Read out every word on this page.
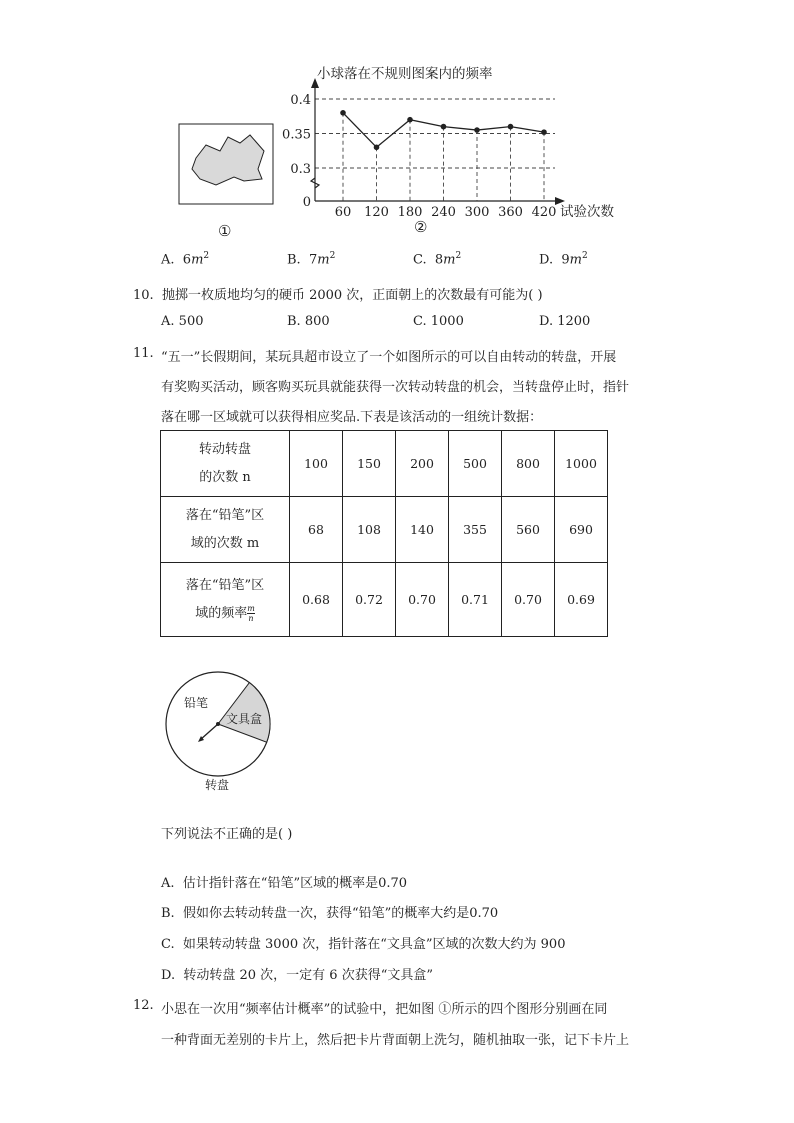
①
小球落在不规则图案内的频率
0
0.3
0.35
0.4
60 120 180 240 300 360 420 试验次数
②
A. $6m^2$	B. $7m^2$	C. $8m^2$	D. $9m^2$
10. 抛掷一枚质地均匀的硬币 2000 次，正面朝上的次数最有可能为( )
A. 500	B. 800	C. 1000	D. 1200
11. “五一”长假期间，某玩具超市设立了一个如图所示的可以自由转动的转盘，开展
有奖购买活动，顾客购买玩具就能获得一次转动转盘的机会，当转盘停止时，指针
落在哪一区域就可以获得相应奖品.下表是该活动的一组统计数据：
转动转盘
的次数 n	100	150	200	500	800	1000

落在“铅笔”区
域的次数 m	68	108	140	355	560	690

落在“铅笔”区
域的频率 $\frac{m}{n}$	0.68	0.72	0.70	0.71	0.70	0.69
铅笔
文具盒
转盘
下列说法不正确的是( )
A. 估计指针落在“铅笔”区域的概率是0.70
B. 假如你去转动转盘一次，获得“铅笔”的概率大约是0.70
C. 如果转动转盘 3000 次，指针落在“文具盒”区域的次数大约为 900
D. 转动转盘 20 次，一定有 6 次获得“文具盒”
12. 小思在一次用“频率估计概率”的试验中，把如图 ①所示的四个图形分别画在同
一种背面无差别的卡片上，然后把卡片背面朝上洗匀，随机抽取一张，记下卡片上
